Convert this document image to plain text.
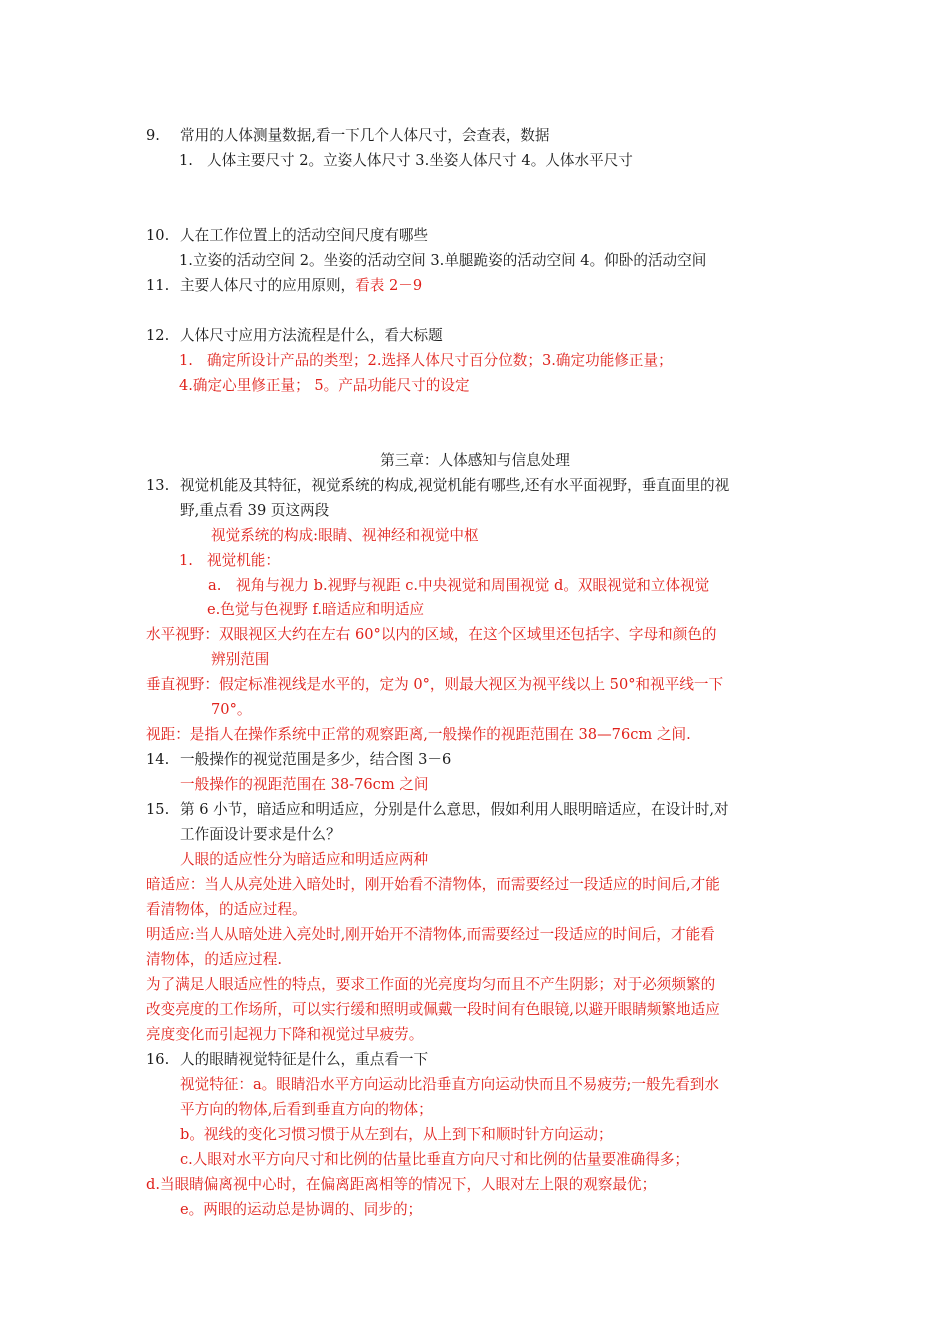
9. 常用的人体测量数据,看一下几个人体尺寸，会查表，数据
1. 人体主要尺寸 2。立姿人体尺寸 3.坐姿人体尺寸 4。人体水平尺寸
10. 人在工作位置上的活动空间尺度有哪些
1.立姿的活动空间 2。坐姿的活动空间 3.单腿跪姿的活动空间 4。仰卧的活动空间
11. 主要人体尺寸的应用原则，看表 2－9
12. 人体尺寸应用方法流程是什么，看大标题
1. 确定所设计产品的类型；2.选择人体尺寸百分位数；3.确定功能修正量；
4.确定心里修正量； 5。产品功能尺寸的设定
第三章：人体感知与信息处理
13. 视觉机能及其特征，视觉系统的构成,视觉机能有哪些,还有水平面视野，垂直面里的视
野,重点看 39 页这两段
视觉系统的构成:眼睛、视神经和视觉中枢
1. 视觉机能：
a. 视角与视力 b.视野与视距 c.中央视觉和周围视觉 d。双眼视觉和立体视觉
e.色觉与色视野 f.暗适应和明适应
水平视野：双眼视区大约在左右 60°以内的区域，在这个区域里还包括字、字母和颜色的
辨别范围
垂直视野：假定标准视线是水平的，定为 0°，则最大视区为视平线以上 50°和视平线一下
70°。
视距：是指人在操作系统中正常的观察距离,一般操作的视距范围在 38—76cm 之间.
14. 一般操作的视觉范围是多少，结合图 3－6
一般操作的视距范围在 38-76cm 之间
15. 第 6 小节，暗适应和明适应，分别是什么意思，假如利用人眼明暗适应，在设计时,对
工作面设计要求是什么？
人眼的适应性分为暗适应和明适应两种
暗适应：当人从亮处进入暗处时，刚开始看不清物体，而需要经过一段适应的时间后,才能
看清物体，的适应过程。
明适应:当人从暗处进入亮处时,刚开始开不清物体,而需要经过一段适应的时间后，才能看
清物体，的适应过程.
为了满足人眼适应性的特点，要求工作面的光亮度均匀而且不产生阴影；对于必须频繁的
改变亮度的工作场所，可以实行缓和照明或佩戴一段时间有色眼镜,以避开眼睛频繁地适应
亮度变化而引起视力下降和视觉过早疲劳。
16. 人的眼睛视觉特征是什么，重点看一下
视觉特征：a。眼睛沿水平方向运动比沿垂直方向运动快而且不易疲劳;一般先看到水
平方向的物体,后看到垂直方向的物体；
b。视线的变化习惯习惯于从左到右，从上到下和顺时针方向运动；
c.人眼对水平方向尺寸和比例的估量比垂直方向尺寸和比例的估量要准确得多；
d.当眼睛偏离视中心时，在偏离距离相等的情况下，人眼对左上限的观察最优；
e。两眼的运动总是协调的、同步的；
